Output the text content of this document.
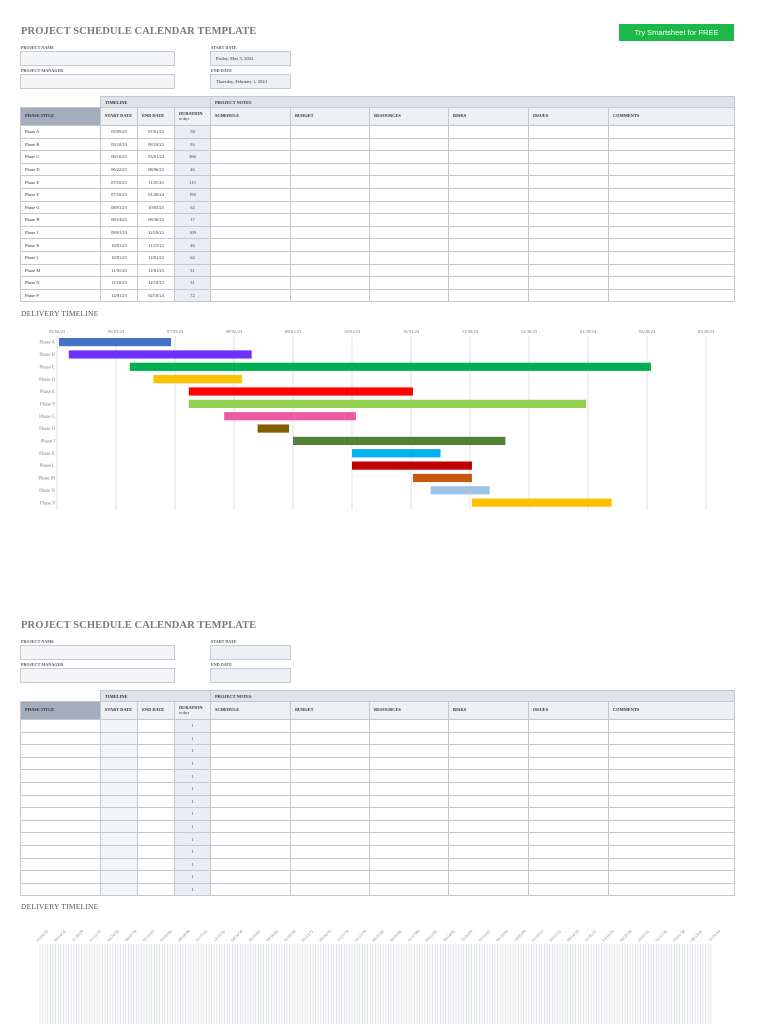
PROJECT SCHEDULE CALENDAR TEMPLATE	Try Smartsheet for FREE
PROJECT NAME
PROJECT MANAGER
START DATE
Friday, May 5, 2023
END DATE
Thursday, February 1, 2024
	TIMELINE			PROJECT NOTES					
PHASE TITLE	START DATE	END DATE	DURATION
in days	SCHEDULE	BUDGET	RESOURCES	RISKS	ISSUES	COMMENTS
Phase A	05/05/23	07/01/23	58						
Phase B	05/10/23	08/18/23	93						
Phase C	06/10/23	03/01/24	266						
Phase D	06/22/23	08/06/23	46						
Phase E	07/10/23	11/01/23	113						
Phase F	07/10/23	01/28/24	193						
Phase G	08/01/23	10/03/23	62						
Phase H	08/14/23	08/30/23	17						
Phase J	09/01/23	12/18/23	109						
Phase K	10/01/23	11/15/23	46						
Phase L	10/01/23	12/01/23	62						
Phase M	11/01/23	12/01/23	31						
Phase N	11/10/23	12/10/23	31						
Phase P	12/01/23	02/10/24	72						
DELIVERY TIMELINE
05/04/23	06/03/23	07/03/23	08/02/23	09/01/23	10/01/23	10/31/23	11/30/23	12/30/23	01/29/24	02/28/24	03/29/24
Phase A
Phase B
Phase C
Phase D
Phase E
Phase F
Phase G
Phase H
Phase J
Phase K
Phase L
Phase M
Phase N
Phase P
PROJECT SCHEDULE CALENDAR TEMPLATE
PROJECT NAME
PROJECT MANAGER
START DATE
END DATE
	TIMELINE			PROJECT NOTES					
PHASE TITLE	START DATE	END DATE	DURATION
in days	SCHEDULE	BUDGET	RESOURCES	RISKS	ISSUES	COMMENTS
			1						
			1						
			1						
			1						
			1						
			1						
			1						
			1						
			1						
			1						
			1						
			1						
			1						
			1						
DELIVERY TIMELINE
01/04/23 09/14/26 11/28/29 01/12/33 04/24/36 06/07/39 01/19/43 05/05/46 08/18/49 11/27/52 12/15/56 04/24/59 06/06/62 09/18/66 01/02/69 05/13/72 09/24/75 11/27/78 01/11/79 04/23/82 09/05/85 01/17/89 05/02/92 08/14/95 11/26/99 02/11/02 06/23/05 10/05/09 01/18/12 05/02/15 08/14/18 11/26/21 03/10/25 06/22/28 10/05/31 01/17/35 05/01/38 08/13/41 11/25/44
